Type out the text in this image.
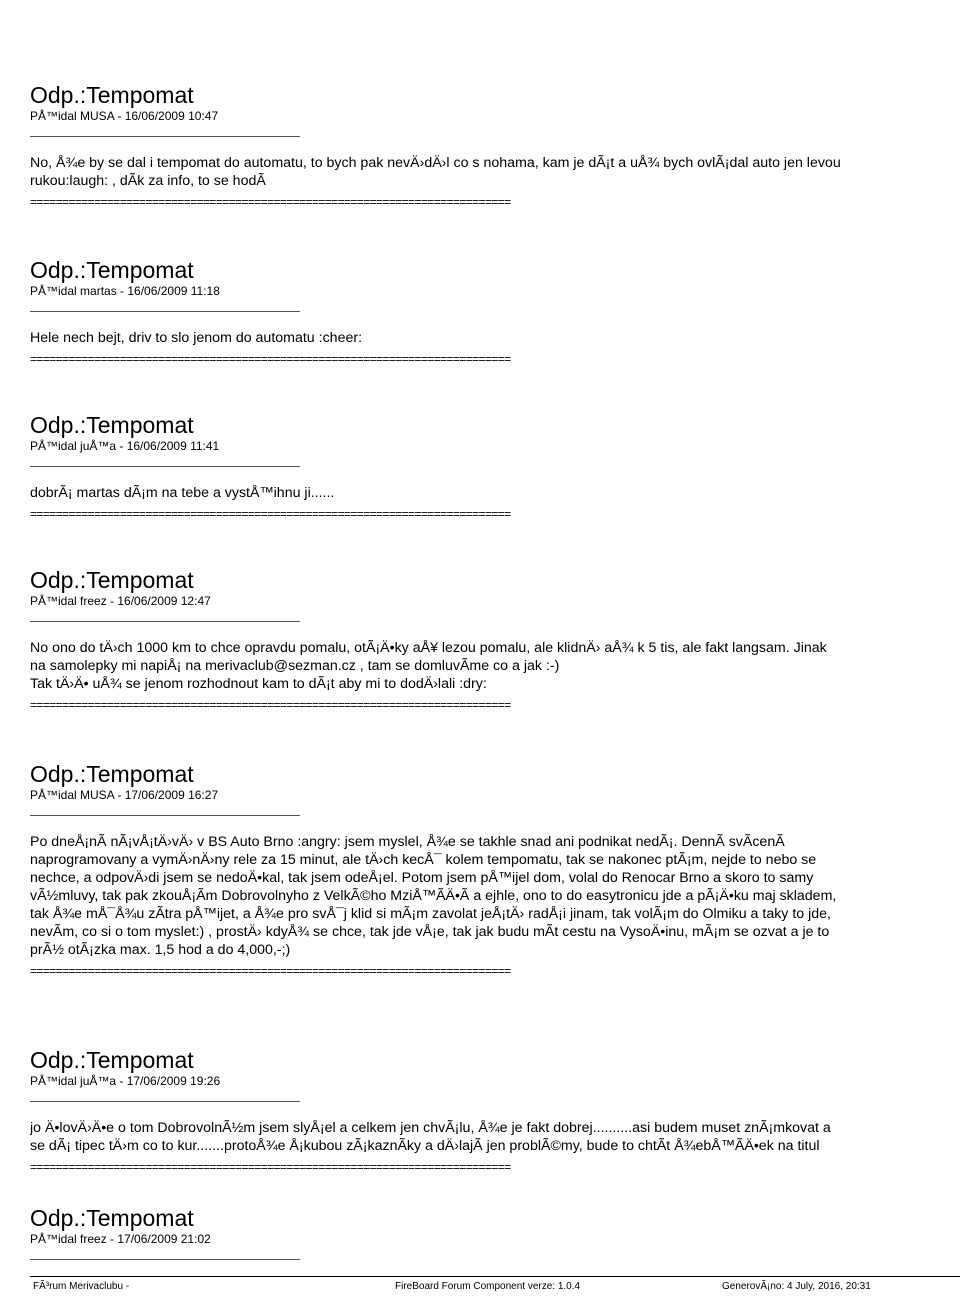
Odp.:Tempomat
PÅ™idal MUSA - 16/06/2009 10:47
No, Å¾e by se dal i tempomat do automatu, to bych pak nevÄ›dÄ›l co s nohama, kam je dÃ¡t a uÅ¾ bych ovlÃ¡dal auto jen levou
rukou:laugh: , dÃk za info, to se hodÃ
===========================================================================
Odp.:Tempomat
PÅ™idal martas - 16/06/2009 11:18
Hele nech bejt, driv to slo jenom do automatu :cheer:
===========================================================================
Odp.:Tempomat
PÅ™idal juÅ™a - 16/06/2009 11:41
dobrÃ¡ martas dÃ¡m na tebe a vystÅ™ihnu ji......
===========================================================================
Odp.:Tempomat
PÅ™idal freez - 16/06/2009 12:47
No ono do tÄ›ch 1000 km to chce opravdu pomalu, otÃ¡Ä•ky aÅ¥ lezou pomalu, ale klidnÄ› aÅ¾ k 5 tis, ale fakt langsam. Jinak
na samolepky mi napiÅ¡ na merivaclub@sezman.cz , tam se domluvÃme co a jak :-)
Tak tÄ›Ä• uÅ¾ se jenom rozhodnout kam to dÃ¡t aby mi to dodÄ›lali :dry:
===========================================================================
Odp.:Tempomat
PÅ™idal MUSA - 17/06/2009 16:27
Po dneÅ¡nÃ nÃ¡vÅ¡tÄ›vÄ› v BS Auto Brno :angry: jsem myslel, Å¾e se takhle snad ani podnikat nedÃ¡. DennÃ svÃcenÃ
naprogramovany a vymÄ›nÄ›ny rele za 15 minut, ale tÄ›ch kecÅ¯ kolem tempomatu, tak se nakonec ptÃ¡m, nejde to nebo se
nechce, a odpovÄ›di jsem se nedoÄ•kal, tak jsem odeÅ¡el. Potom jsem pÅ™ijel dom, volal do Renocar Brno a skoro to samy
vÃ½mluvy, tak pak zkouÅ¡Ãm Dobrovolnyho z VelkÃ©ho MziÅ™ÃÄ•Ã a ejhle, ono to do easytronicu jde a pÃ¡Ä•ku maj skladem,
tak Å¾e mÅ¯Å¾u zÃtra pÅ™ijet, a Å¾e pro svÅ¯j klid si mÃ¡m zavolat jeÅ¡tÄ› radÅ¡i jinam, tak volÃ¡m do Olmiku a taky to jde,
nevÃm, co si o tom myslet:) , prostÄ› kdyÅ¾ se chce, tak jde vÅ¡e, tak jak budu mÃt cestu na VysoÄ•inu, mÃ¡m se ozvat a je to
prÃ½ otÃ¡zka max. 1,5 hod a do 4,000,-;)
===========================================================================
Odp.:Tempomat
PÅ™idal juÅ™a - 17/06/2009 19:26
jo Ä•lovÄ›Ä•e o tom DobrovolnÃ½m jsem slyÅ¡el a celkem jen chvÃ¡lu, Å¾e je fakt dobrej..........asi budem muset znÃ¡mkovat a
se dÃ¡ tipec tÄ›m co to kur.......protoÅ¾e Å¡kubou zÃ¡kaznÃky a dÄ›lajÃ jen problÃ©my, bude to chtÃt Å¾ebÅ™ÃÄ•ek na titul
===========================================================================
Odp.:Tempomat
PÅ™idal freez - 17/06/2009 21:02
FÃ³rum Merivaclubu -	FireBoard Forum Component verze: 1.0.4	GenerovÃ¡no: 4 July, 2016, 20:31
